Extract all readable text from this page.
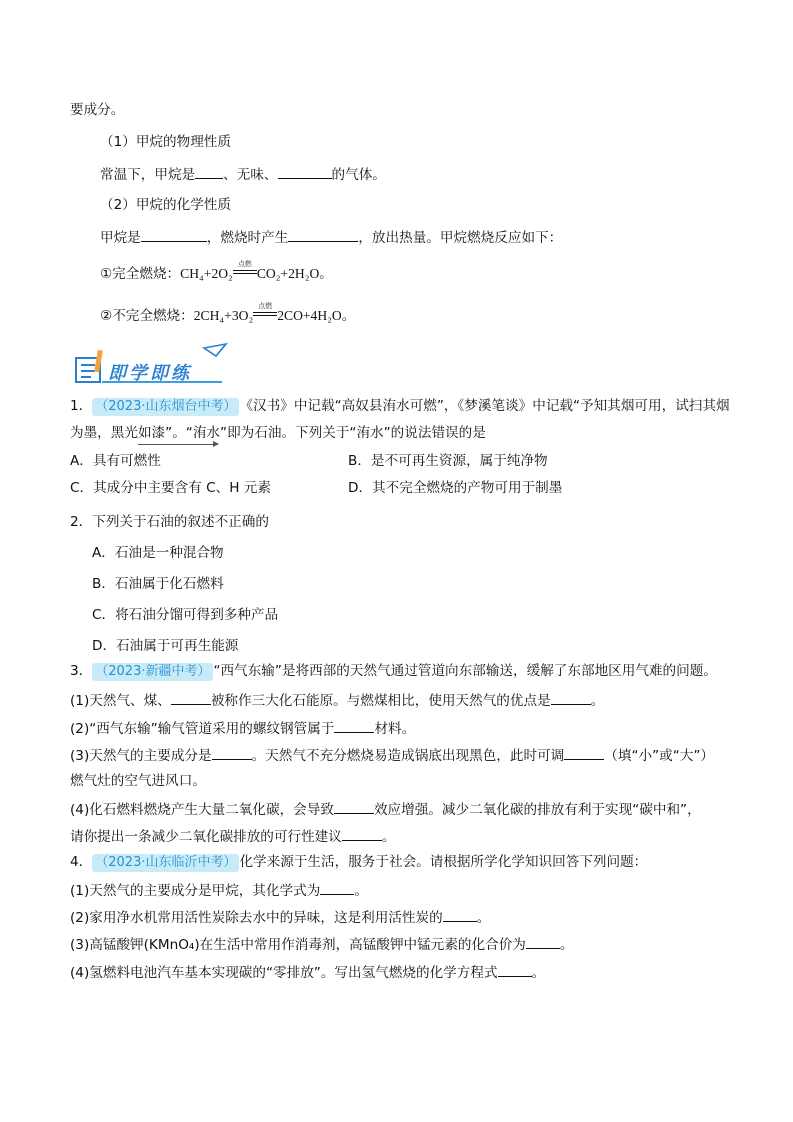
要成分。
（1）甲烷的物理性质
常温下，甲烷是 、无味、	的气体。
（2）甲烷的化学性质
甲烷是	，燃烧时产生	，放出热量。甲烷燃烧反应如下：
①完全燃烧：CH₄+2O₂
点燃
CO₂+2H₂O。
②不完全燃烧：2CH₄+3O₂
点燃
2CO+4H₂O。
即学即练
1． （2023·山东烟台中考） 《汉书》中记载“高奴县洧水可燃”，《梦溪笔谈》中记载“予知其烟可用，试扫其烟
为墨，黑光如漆”。“洧水”即为石油。下列关于“洧水”的说法错误的是
A．具有可燃性	B．是不可再生资源，属于纯净物
C．其成分中主要含有 C、H 元素	D．其不完全燃烧的产物可用于制墨
2．下列关于石油的叙述不正确的
A．石油是一种混合物
B．石油属于化石燃料
C．将石油分馏可得到多种产品
D．石油属于可再生能源
3． （2023·新疆中考） “西气东输”是将西部的天然气通过管道向东部输送，缓解了东部地区用气难的问题。
(1)天然气、煤、	被称作三大化石能原。与燃煤相比，使用天然气的优点是	。
(2)“西气东输”输气管道采用的螺纹钢管属于	材料。
(3)天然气的主要成分是	。天然气不充分燃烧易造成锅底出现黑色，此时可调	（填“小”或“大”）
燃气灶的空气进风口。
(4)化石燃料燃烧产生大量二氧化碳，会导致	效应增强。减少二氧化碳的排放有利于实现“碳中和”，
请你提出一条减少二氧化碳排放的可行性建议	。
4． （2023·山东临沂中考） 化学来源于生活，服务于社会。请根据所学化学知识回答下列问题：
(1)天然气的主要成分是甲烷，其化学式为	。
(2)家用净水机常用活性炭除去水中的异味，这是利用活性炭的	。
(3)高锰酸钾(KMnO₄)在生活中常用作消毒剂，高锰酸钾中锰元素的化合价为	。
(4)氢燃料电池汽车基本实现碳的“零排放”。写出氢气燃烧的化学方程式	。
